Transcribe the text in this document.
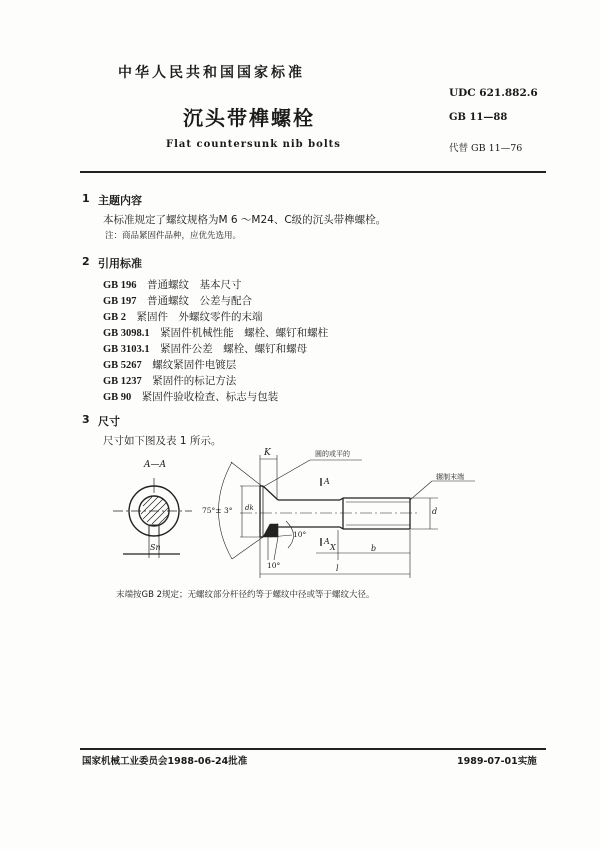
中华人民共和国国家标准
UDC 621.882.6
沉头带榫螺栓	GB 11—88
Flat countersunk nib bolts	代替 GB 11—76
1 主题内容
本标准规定了螺纹规格为M 6 ～M24、C级的沉头带榫螺栓。
注：商品紧固件品种，应优先选用。
2 引用标准
GB 196　 普通螺纹　基本尺寸
GB 197　 普通螺纹　公差与配合
GB 2　 紧固件　外螺纹零件的末端
GB 3098.1　 紧固件机械性能　螺栓、螺钉和螺柱
GB 3103.1　 紧固件公差　螺栓、螺钉和螺母
GB 5267　 螺纹紧固件电镀层
GB 1237　 紧固件的标记方法
GB 90　 紧固件验收检查、标志与包装
3 尺寸
尺寸如下图及表 1 所示。
A—A
Sn
K	圆的或平的
辗制末端
75°± 3° dk	d
10°
10°
A
A
X	b
l
末端按GB 2规定；无螺纹部分杆径约等于螺纹中径或等于螺纹大径。
国家机械工业委员会1988-06-24批准	1989-07-01实施
